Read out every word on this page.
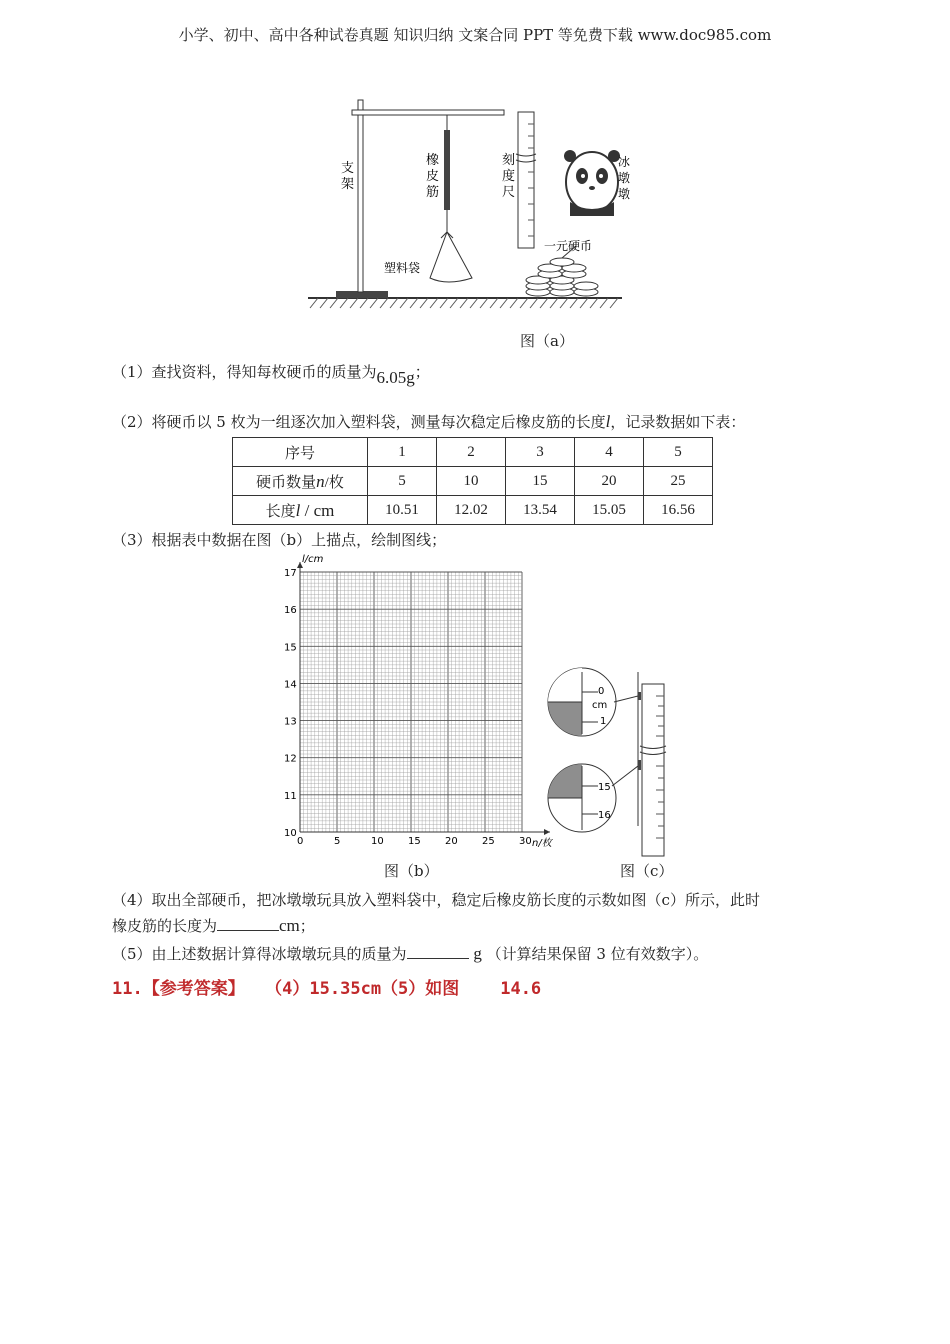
小学、初中、高中各种试卷真题 知识归纳 文案合同 PPT 等免费下载 www.doc985.com
支架
橡皮筋
刻度尺
冰墩墩
一元硬币
塑料袋
图（a）
（1）查找资料，得知每枚硬币的质量为6.05g；
（2）将硬币以 5 枚为一组逐次加入塑料袋，测量每次稳定后橡皮筋的长度l，记录数据如下表：
序号	1	2	3	4	5
硬币数量n/枚	5	10	15	20	25
长度l / cm	10.51	12.02	13.54	15.05	16.56
（3）根据表中数据在图（b）上描点，绘制图线；
0	5	10 15 20 25 30
10
11
12
13
14
15
16
17
l/cm
n/枚
图（b）
0
cm
1
15
16
图（c）
（4）取出全部硬币，把冰墩墩玩具放入塑料袋中，稳定后橡皮筋长度的示数如图（c）所示，此时
橡皮筋的长度为	cm；
（5）由上述数据计算得冰墩墩玩具的质量为	g （计算结果保留 3 位有效数字）。
11.【参考答案】  （4）15.35cm（5）如图    14.6
